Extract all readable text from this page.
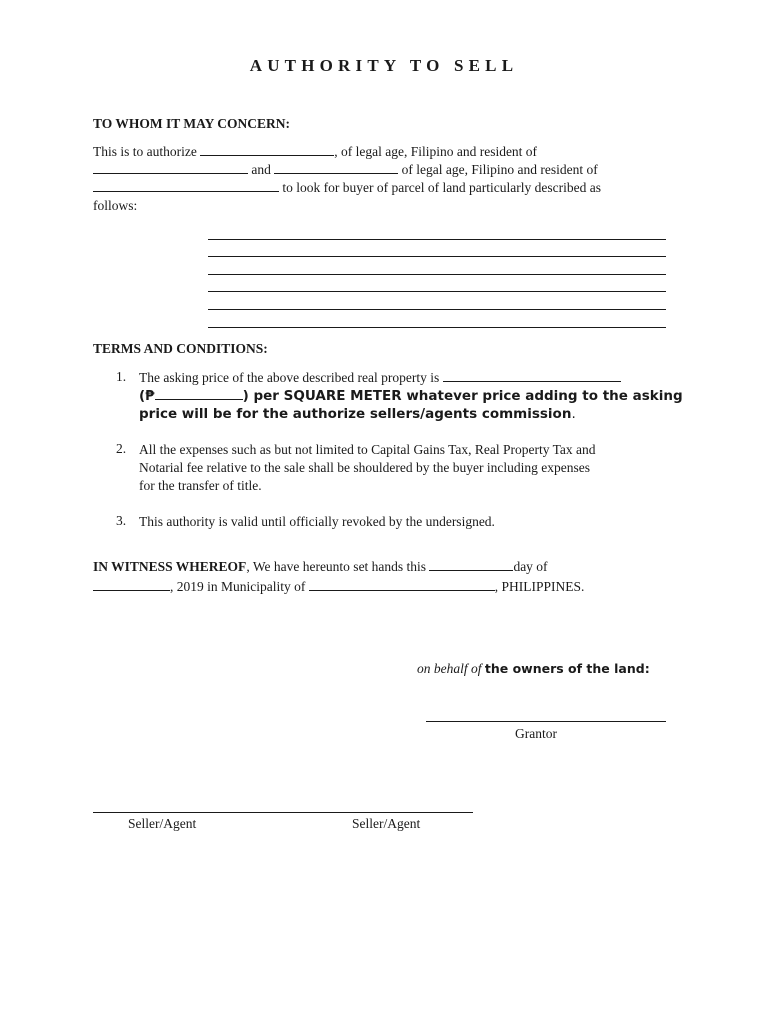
AUTHORITY TO SELL
TO WHOM IT MAY CONCERN:
This is to authorize	, of legal age, Filipino and resident of
and	of legal age, Filipino and resident of
to look for buyer of parcel of land particularly described as
follows:
TERMS AND CONDITIONS:
1. The asking price of the above described real property is
(₱	) per SQUARE METER whatever price adding to the asking
price will be for the authorize sellers/agents commission.
2. All the expenses such as but not limited to Capital Gains Tax, Real Property Tax and
Notarial fee relative to the sale shall be shouldered by the buyer including expenses
for the transfer of title.
3. This authority is valid until officially revoked by the undersigned.
IN WITNESS WHEREOF, We have hereunto set hands this	day of
, 2019 in Municipality of	, PHILIPPINES.
on behalf of the owners of the land:
Grantor
Seller/Agent	Seller/Agent
